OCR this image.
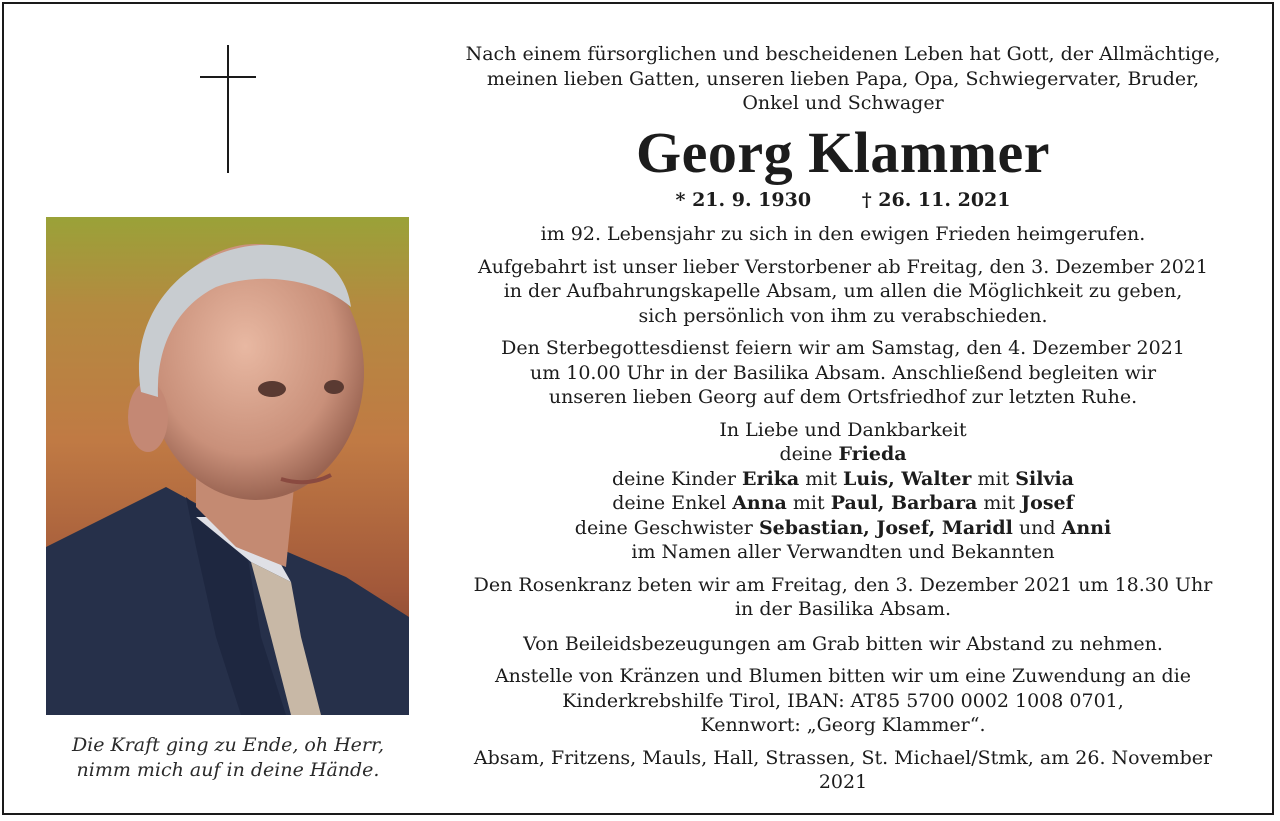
Die Kraft ging zu Ende, oh Herr,
nimm mich auf in deine Hände.

Nach einem fürsorglichen und bescheidenen Leben hat Gott, der Allmächtige,

meinen lieben Gatten, unseren lieben Papa, Opa, Schwiegervater, Bruder,

Onkel und Schwager

Georg Klammer
* 21. 9. 1930	† 26. 11. 2021

im 92. Lebensjahr zu sich in den ewigen Frieden heimgerufen.

Aufgebahrt ist unser lieber Verstorbener ab Freitag, den 3. Dezember 2021

in der Aufbahrungskapelle Absam, um allen die Möglichkeit zu geben,

sich persönlich von ihm zu verabschieden.

Den Sterbegottesdienst feiern wir am Samstag, den 4. Dezember 2021

um 10.00 Uhr in der Basilika Absam. Anschließend begleiten wir

unseren lieben Georg auf dem Ortsfriedhof zur letzten Ruhe.

In Liebe und Dankbarkeit

deine Frieda

deine Kinder Erika mit Luis, Walter mit Silvia

deine Enkel Anna mit Paul, Barbara mit Josef

deine Geschwister Sebastian, Josef, Maridl und Anni

im Namen aller Verwandten und Bekannten

Den Rosenkranz beten wir am Freitag, den 3. Dezember 2021 um 18.30 Uhr

in der Basilika Absam.

Von Beileidsbezeugungen am Grab bitten wir Abstand zu nehmen.

Anstelle von Kränzen und Blumen bitten wir um eine Zuwendung an die

Kinderkrebshilfe Tirol, IBAN: AT85 5700 0002 1008 0701,

Kennwort: „Georg Klammer“.

Absam, Fritzens, Mauls, Hall, Strassen, St. Michael/Stmk, am 26. November 2021
